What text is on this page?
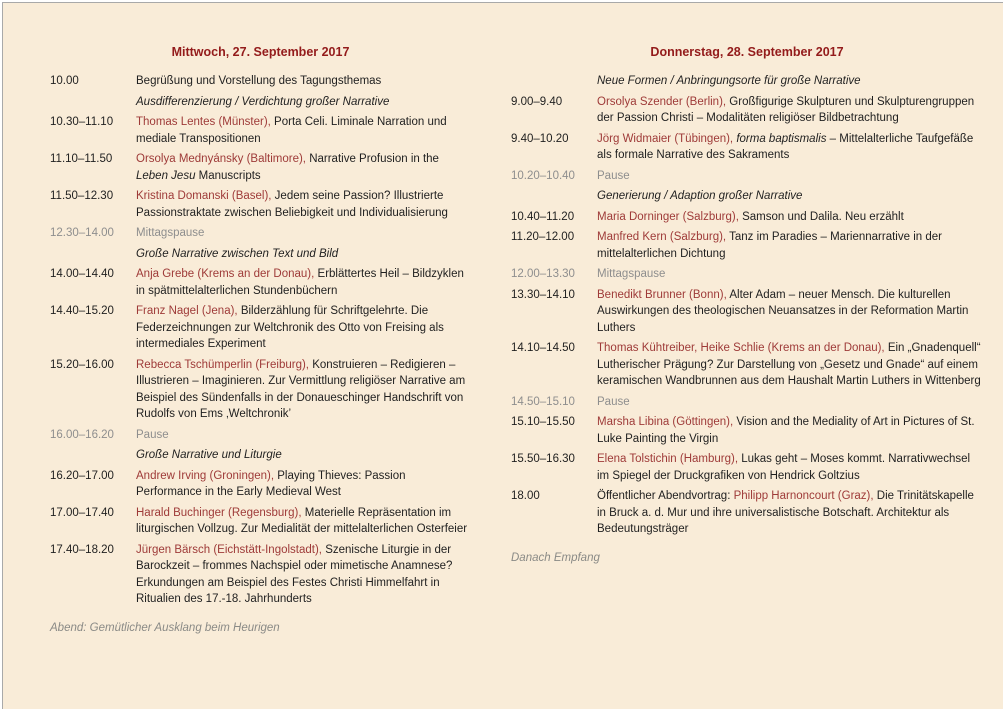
Mittwoch, 27. September 2017
10.00	Begrüßung und Vorstellung des Tagungsthemas
Ausdifferenzierung / Verdichtung großer Narrative
10.30–11.10	Thomas Lentes (Münster), Porta Celi. Liminale Narration und mediale Transpositionen
11.10–11.50	Orsolya Mednyánsky (Baltimore), Narrative Profusion in the Leben Jesu Manuscripts
11.50–12.30	Kristina Domanski (Basel), Jedem seine Passion? Illustrierte Passionstraktate zwischen Beliebigkeit und Individualisierung
12.30–14.00	Mittagspause
Große Narrative zwischen Text und Bild
14.00–14.40	Anja Grebe (Krems an der Donau), Erblättertes Heil – Bildzyklen in spätmittelalterlichen Stundenbüchern
14.40–15.20	Franz Nagel (Jena), Bilderzählung für Schriftgelehrte. Die Federzeichnungen zur Weltchronik des Otto von Freising als intermediales Experiment
15.20–16.00	Rebecca Tschümperlin (Freiburg), Konstruieren – Redigieren – Illustrieren – Imaginieren. Zur Vermittlung religiöser Narrative am Beispiel des Sündenfalls in der Donaueschinger Handschrift von Rudolfs von Ems ‚Weltchronik’
16.00–16.20	Pause
Große Narrative und Liturgie
16.20–17.00	Andrew Irving (Groningen), Playing Thieves: Passion Performance in the Early Medieval West
17.00–17.40	Harald Buchinger (Regensburg), Materielle Repräsentation im liturgischen Vollzug. Zur Medialität der mittelalterlichen Osterfeier
17.40–18.20	Jürgen Bärsch (Eichstätt-Ingolstadt), Szenische Liturgie in der Barockzeit – frommes Nachspiel oder mimetische Anamnese? Erkundungen am Beispiel des Festes Christi Himmelfahrt in Ritualien des 17.-18. Jahrhunderts

Abend: Gemütlicher Ausklang beim Heurigen

Donnerstag, 28. September 2017
Neue Formen / Anbringungsorte für große Narrative
9.00–9.40	Orsolya Szender (Berlin), Großfigurige Skulpturen und Skulpturengruppen der Passion Christi – Modalitäten religiöser Bildbetrachtung
9.40–10.20	Jörg Widmaier (Tübingen), forma baptismalis – Mittelalterliche Taufgefäße als formale Narrative des Sakraments
10.20–10.40	Pause
Generierung / Adaption großer Narrative
10.40–11.20	Maria Dorninger (Salzburg), Samson und Dalila. Neu erzählt
11.20–12.00	Manfred Kern (Salzburg), Tanz im Paradies – Mariennarrative in der mittelalterlichen Dichtung
12.00–13.30	Mittagspause
13.30–14.10	Benedikt Brunner (Bonn), Alter Adam – neuer Mensch. Die kulturellen Auswirkungen des theologischen Neuansatzes in der Reformation Martin Luthers
14.10–14.50	Thomas Kühtreiber, Heike Schlie (Krems an der Donau), Ein „Gnadenquell“ Lutherischer Prägung? Zur Darstellung von „Gesetz und Gnade“ auf einem keramischen Wandbrunnen aus dem Haushalt Martin Luthers in Wittenberg
14.50–15.10	Pause
15.10–15.50	Marsha Libina (Göttingen), Vision and the Mediality of Art in Pictures of St. Luke Painting the Virgin
15.50–16.30	Elena Tolstichin (Hamburg), Lukas geht – Moses kommt. Narrativwechsel im Spiegel der Druckgrafiken von Hendrick Goltzius
18.00	Öffentlicher Abendvortrag: Philipp Harnoncourt (Graz), Die Trinitätskapelle in Bruck a. d. Mur und ihre universalistische Botschaft. Architektur als Bedeutungsträger

Danach Empfang
